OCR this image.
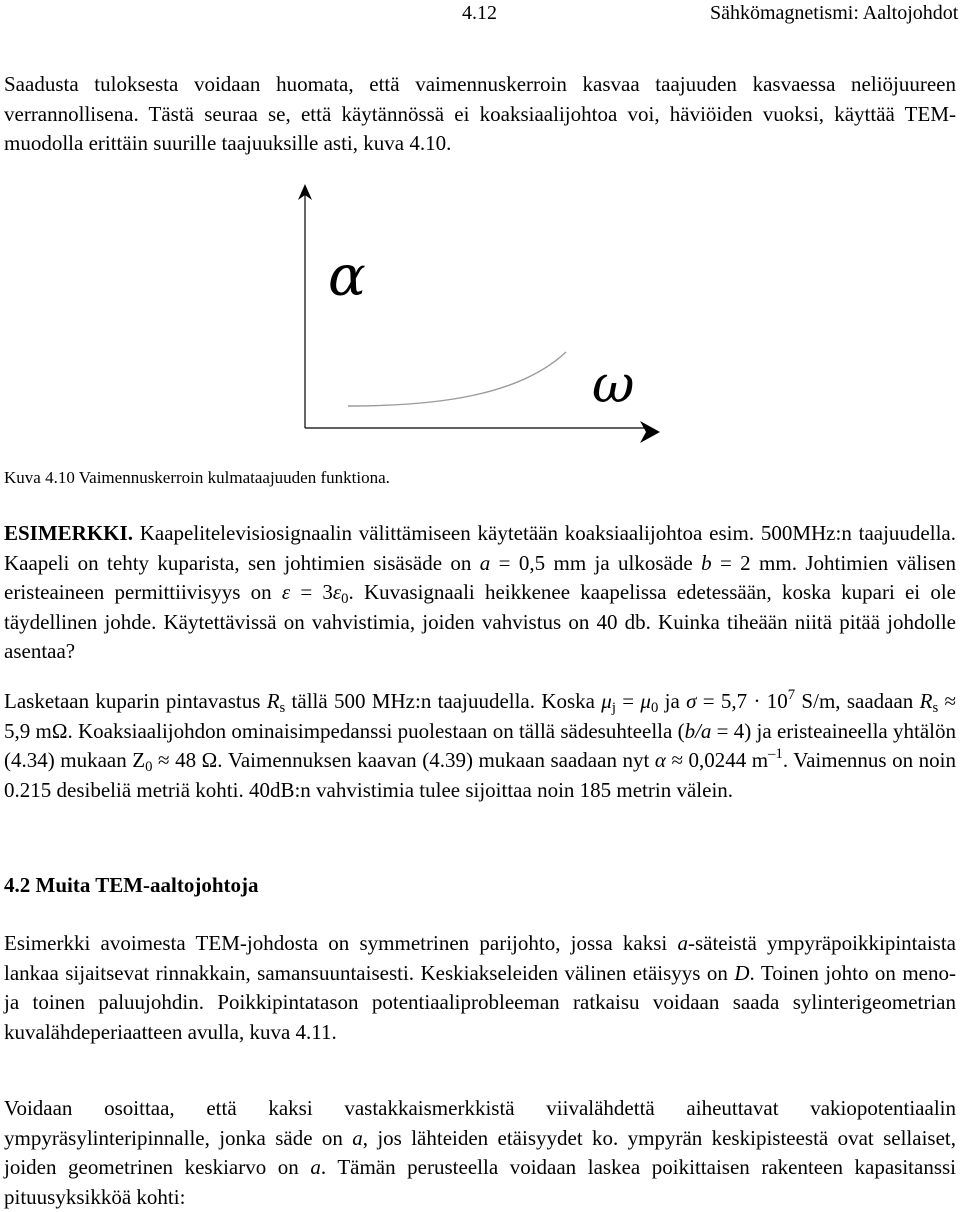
4.12	Sähkömagnetismi: Aaltojohdot

Saadusta tuloksesta voidaan huomata, että vaimennuskerroin kasvaa taajuuden kasvaessa neliöjuureen verrannollisena. Tästä seuraa se, että käytännössä ei koaksiaalijohtoa voi, häviöiden vuoksi, käyttää TEM-muodolla erittäin suurille taajuuksille asti, kuva 4.10.

α
ω
Kuva 4.10 Vaimennuskerroin kulmataajuuden funktiona.

ESIMERKKI. Kaapelitelevisiosignaalin välittämiseen käytetään koaksiaalijohtoa esim. 500MHz:n taajuudella. Kaapeli on tehty kuparista, sen johtimien sisäsäde on a = 0,5 mm ja ulkosäde b = 2 mm. Johtimien välisen eristeaineen permittiivisyys on $\varepsilon = 3\varepsilon_0$. Kuvasignaali heikkenee kaapelissa edetessään, koska kupari ei ole täydellinen johde. Käytettävissä on vahvistimia, joiden vahvistus on 40 db. Kuinka tiheään niitä pitää johdolle asentaa?

Lasketaan kuparin pintavastus $R_s$ tällä 500 MHz:n taajuudella. Koska $\mu_j = \mu_0$ ja $\sigma = 5,7 \cdot 10^7$ S/m, saadaan $R_s \approx 5,9$ mΩ. Koaksiaalijohdon ominaisimpedanssi puolestaan on tällä sädesuhteella (b/a = 4) ja eristeaineella yhtälön (4.34) mukaan $Z_0 \approx 48$ Ω. Vaimennuksen kaavan (4.39) mukaan saadaan nyt α ≈ 0,0244 $m^{-1}$. Vaimennus on noin 0.215 desibeliä metriä kohti. 40dB:n vahvistimia tulee sijoittaa noin 185 metrin välein.

4.2 Muita TEM-aaltojohtoja

Esimerkki avoimesta TEM-johdosta on symmetrinen parijohto, jossa kaksi a-säteistä ympyräpoikkipintaista lankaa sijaitsevat rinnakkain, samansuuntaisesti. Keskiakseleiden välinen etäisyys on D. Toinen johto on meno- ja toinen paluujohdin. Poikkipintatason potentiaaliprobleeman ratkaisu voidaan saada sylinterigeometrian kuvalähdeperiaatteen avulla, kuva 4.11.

Voidaan osoittaa, että kaksi vastakkaismerkkistä viivalähdettä aiheuttavat vakiopotentiaalin ympyräsylinteripinnalle, jonka säde on a, jos lähteiden etäisyydet ko. ympyrän keskipisteestä ovat sellaiset, joiden geometrinen keskiarvo on a. Tämän perusteella voidaan laskea poikittaisen rakenteen kapasitanssi pituusyksikköä kohti:
